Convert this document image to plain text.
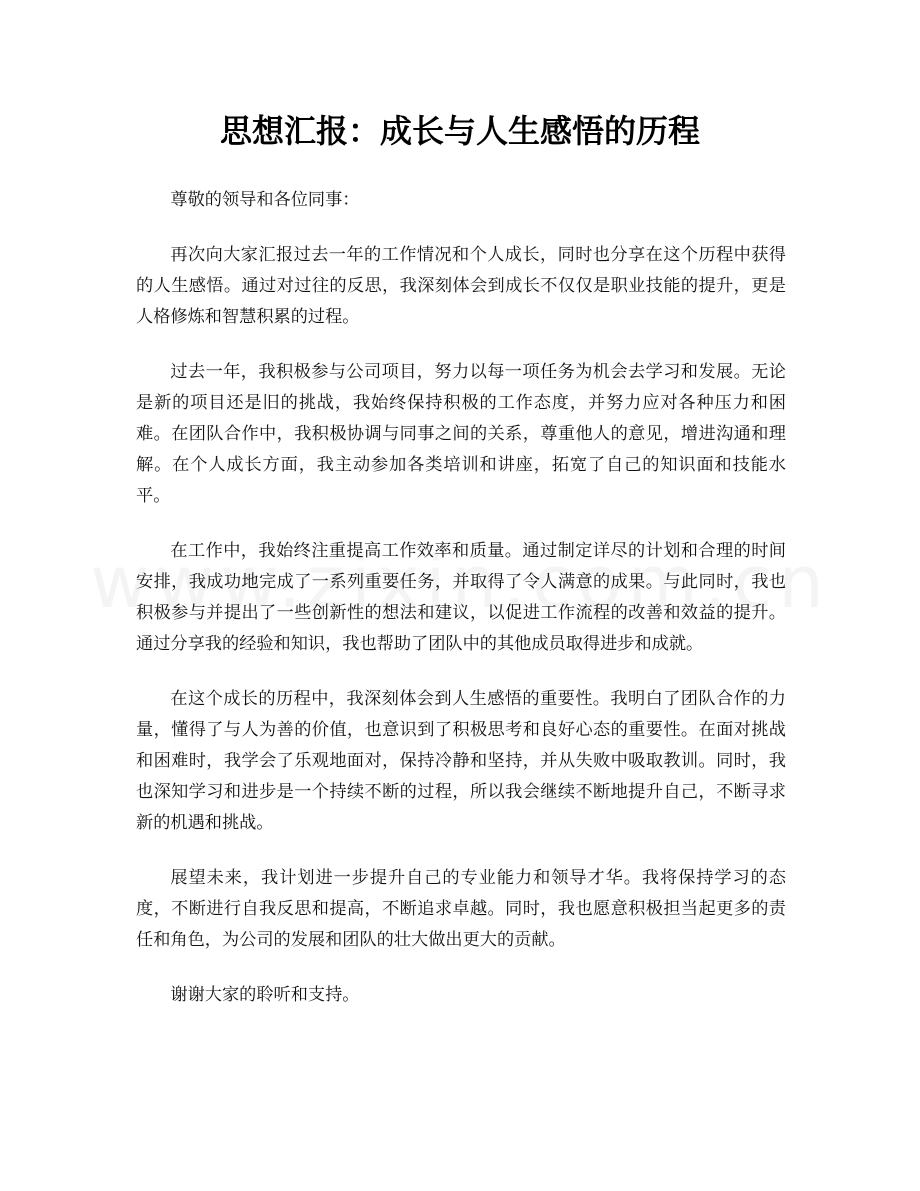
思想汇报：成长与人生感悟的历程

尊敬的领导和各位同事：

再次向大家汇报过去一年的工作情况和个人成长，同时也分享在这个历程中获得的人生感悟。通过对过往的反思，我深刻体会到成长不仅仅是职业技能的提升，更是人格修炼和智慧积累的过程。

过去一年，我积极参与公司项目，努力以每一项任务为机会去学习和发展。无论是新的项目还是旧的挑战，我始终保持积极的工作态度，并努力应对各种压力和困难。在团队合作中，我积极协调与同事之间的关系，尊重他人的意见，增进沟通和理解。在个人成长方面，我主动参加各类培训和讲座，拓宽了自己的知识面和技能水平。

在工作中，我始终注重提高工作效率和质量。通过制定详尽的计划和合理的时间安排，我成功地完成了一系列重要任务，并取得了令人满意的成果。与此同时，我也积极参与并提出了一些创新性的想法和建议，以促进工作流程的改善和效益的提升。通过分享我的经验和知识，我也帮助了团队中的其他成员取得进步和成就。

在这个成长的历程中，我深刻体会到人生感悟的重要性。我明白了团队合作的力量，懂得了与人为善的价值，也意识到了积极思考和良好心态的重要性。在面对挑战和困难时，我学会了乐观地面对，保持冷静和坚持，并从失败中吸取教训。同时，我也深知学习和进步是一个持续不断的过程，所以我会继续不断地提升自己，不断寻求新的机遇和挑战。

展望未来，我计划进一步提升自己的专业能力和领导才华。我将保持学习的态度，不断进行自我反思和提高，不断追求卓越。同时，我也愿意积极担当起更多的责任和角色，为公司的发展和团队的壮大做出更大的贡献。

谢谢大家的聆听和支持。
